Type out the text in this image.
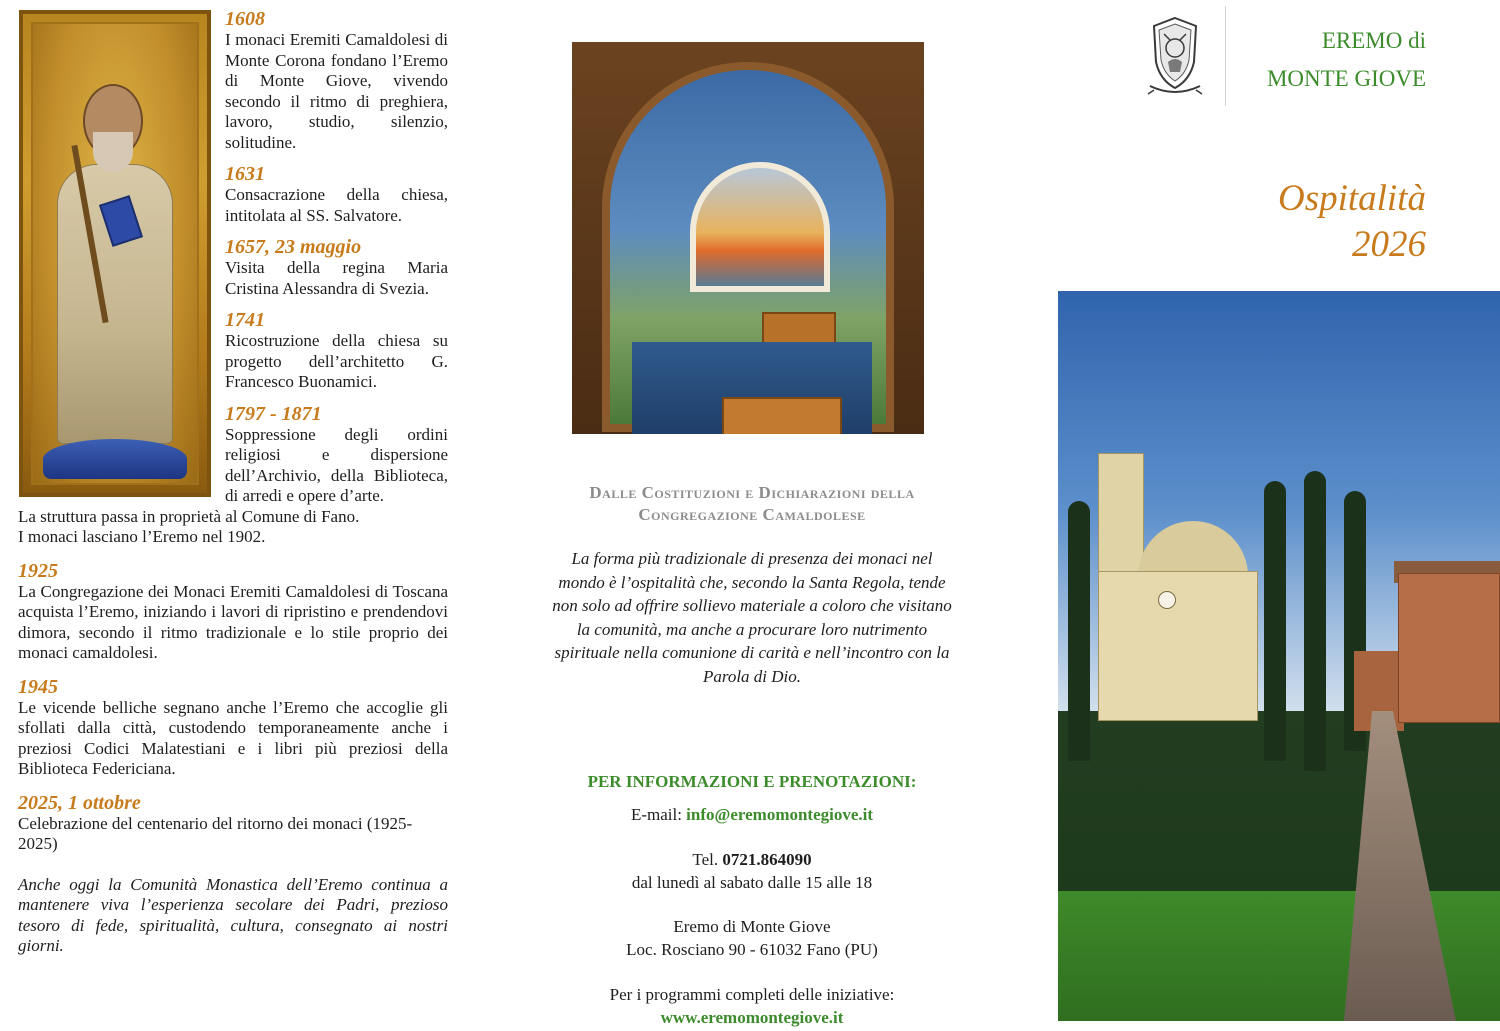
1608
I monaci Eremiti Camaldolesi di Monte Corona fondano l’Eremo di Monte Giove, vivendo secondo il ritmo di preghiera, lavoro, studio, silenzio, solitudine.
1631
Consacrazione della chiesa, intitolata al SS. Salvatore.
1657, 23 maggio
Visita della regina Maria Cristina Alessandra di Svezia.
1741
Ricostruzione della chiesa su progetto dell’architetto G. Francesco Buonamici.
1797 - 1871
Soppressione degli ordini religiosi e dispersione dell’Archivio, della Biblioteca, di arredi e opere d’arte.
La struttura passa in proprietà al Comune di Fano.
I monaci lasciano l’Eremo nel 1902.
1925
La Congregazione dei Monaci Eremiti Camaldolesi di Toscana acquista l’Eremo, iniziando i lavori di ripristino e prendendovi dimora, secondo il ritmo tradizionale e lo stile proprio dei monaci camaldolesi.
1945
Le vicende belliche segnano anche l’Eremo che accoglie gli sfollati dalla città, custodendo temporaneamente anche i preziosi Codici Malatestiani e i libri più preziosi della Biblioteca Federiciana.
2025, 1 ottobre
Celebrazione del centenario del ritorno dei monaci (1925-2025)
Anche oggi la Comunità Monastica dell’Eremo continua a mantenere viva l’esperienza secolare dei Padri, prezioso tesoro di fede, spiritualità, cultura, consegnato ai nostri giorni.
Dalle Costituzioni e Dichiarazioni della
Congregazione Camaldolese
La forma più tradizionale di presenza dei monaci nel mondo è l’ospitalità che, secondo la Santa Regola, tende non solo ad offrire sollievo materiale a coloro che visitano la comunità, ma anche a procurare loro nutrimento spirituale nella comunione di carità e nell’incontro con la Parola di Dio.
PER INFORMAZIONI E PRENOTAZIONI:
E-mail: info@eremomontegiove.it
Tel. 0721.864090
dal lunedì al sabato dalle 15 alle 18
Eremo di Monte Giove
Loc. Rosciano 90 - 61032 Fano (PU)
Per i programmi completi delle iniziative:
www.eremomontegiove.it
EREMO di
MONTE GIOVE
Ospitalità
2026
